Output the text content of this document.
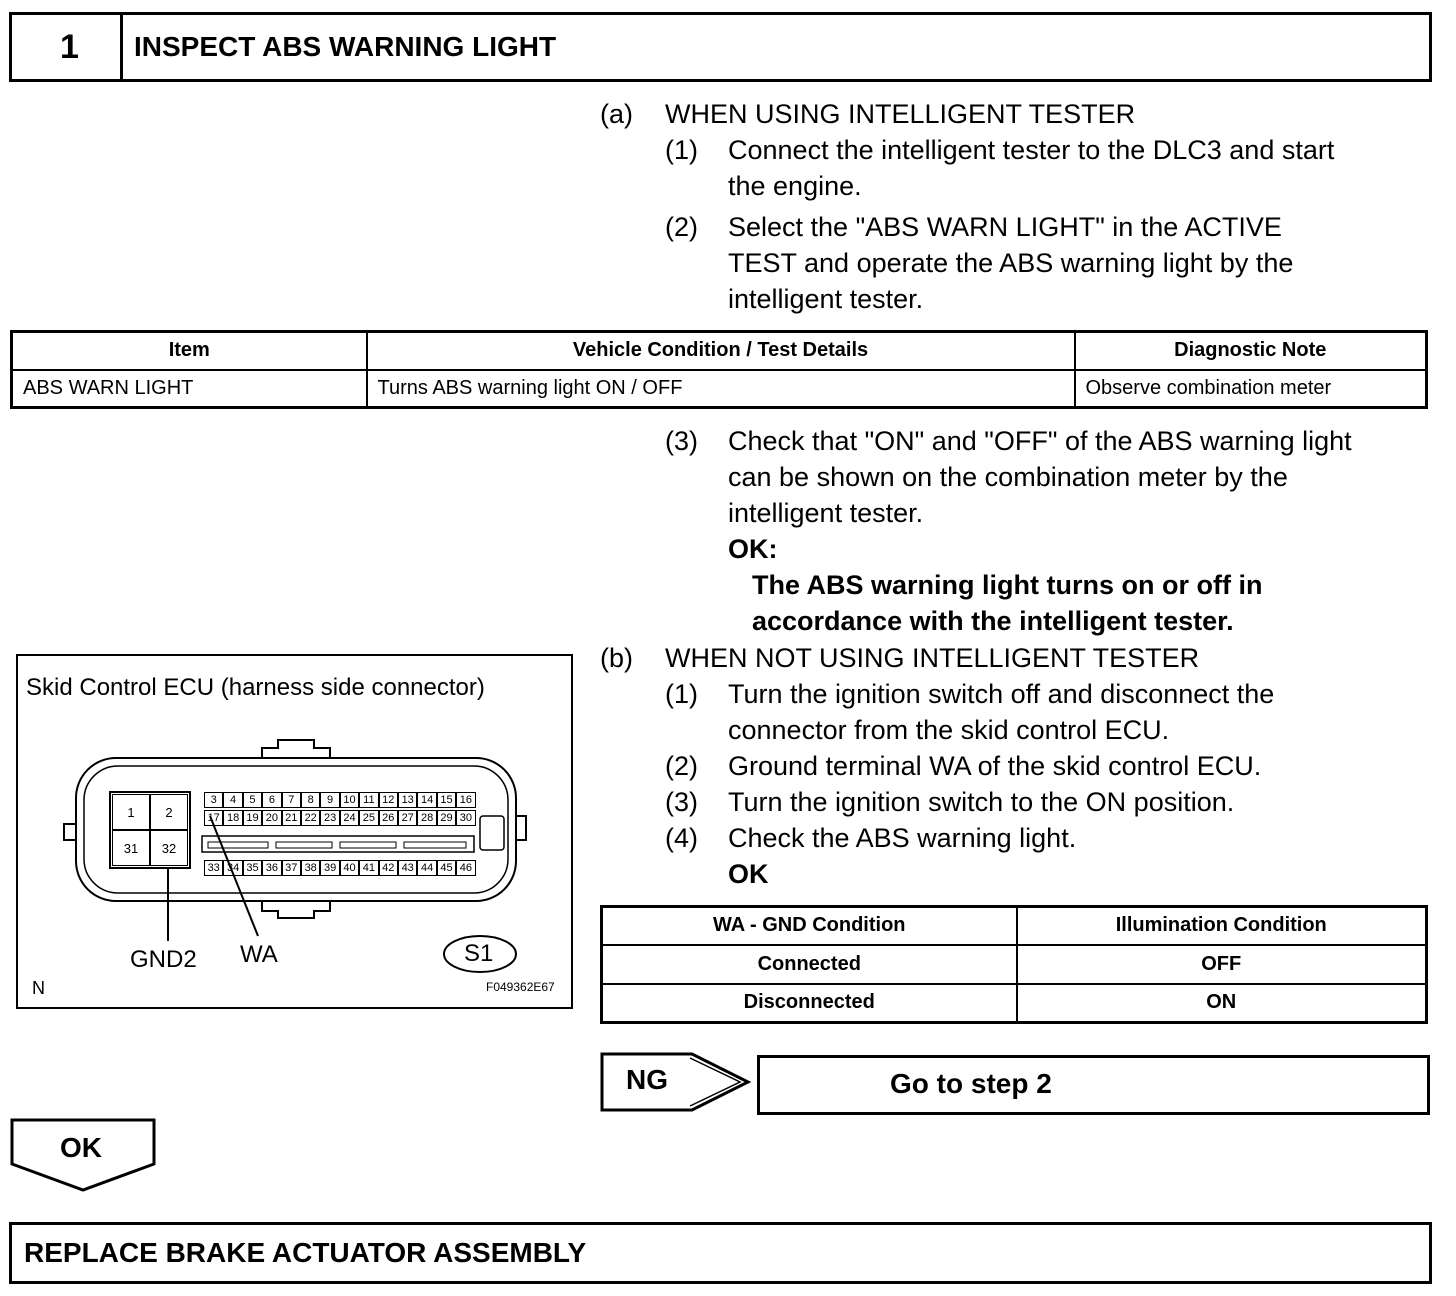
1 INSPECT ABS WARNING LIGHT
(a) WHEN USING INTELLIGENT TESTER
(1) Connect the intelligent tester to the DLC3 and start
the engine.
(2) Select the "ABS WARN LIGHT" in the ACTIVE
TEST and operate the ABS warning light by the
intelligent tester.
Item	Vehicle Condition / Test Details	Diagnostic Note
ABS WARN LIGHT	Turns ABS warning light ON / OFF	Observe combination meter
(3) Check that "ON" and "OFF" of the ABS warning light
can be shown on the combination meter by the
intelligent tester.
OK:
The ABS warning light turns on or off in
accordance with the intelligent tester.
(b) WHEN NOT USING INTELLIGENT TESTER
(1) Turn the ignition switch off and disconnect the
connector from the skid control ECU.
(2) Ground terminal WA of the skid control ECU.
(3) Turn the ignition switch to the ON position.
(4) Check the ABS warning light.
OK
WA - GND Condition	Illumination Condition
Connected	OFF
Disconnected	ON
Skid Control ECU (harness side connector)
1	2
31	32
3	4	5	6	7	8	9 10 11 12 13 14 15 16
17 18 19 20 21 22 23 24 25 26 27 28 29 30
33 34 35 36 37 38 39 40 41 42 43 44 45 46
GND2 WA	S1
N	F049362E67
NG	Go to step 2
OK
REPLACE BRAKE ACTUATOR ASSEMBLY
